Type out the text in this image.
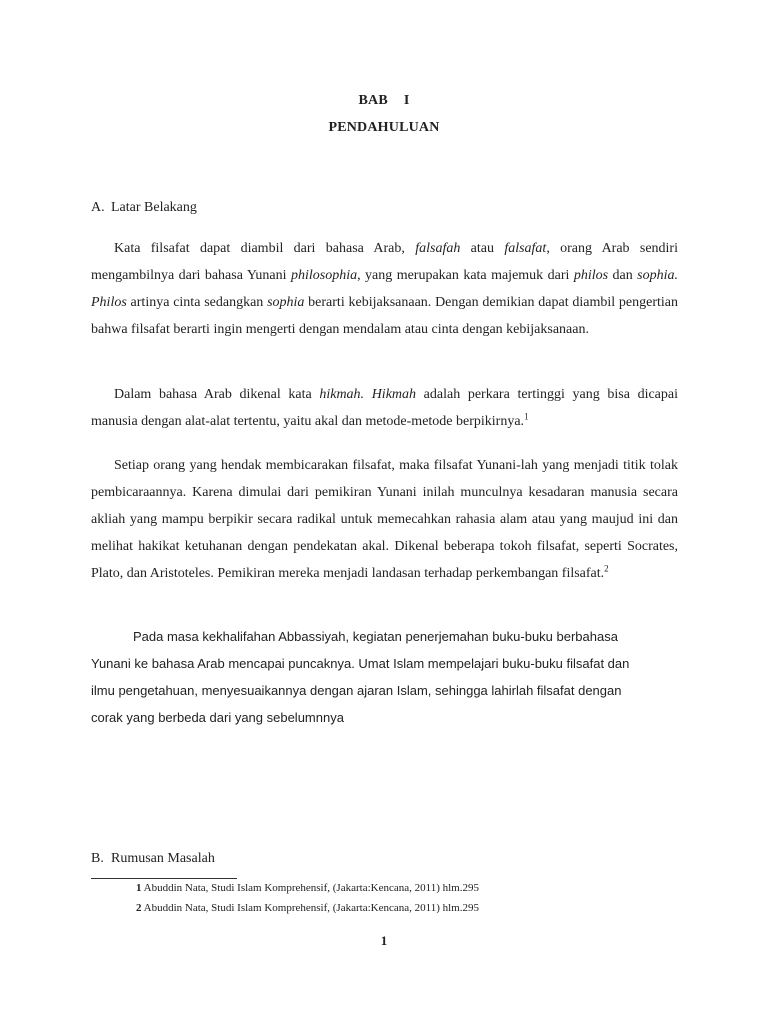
BAB I
PENDAHULUAN
A. Latar Belakang

Kata filsafat dapat diambil dari bahasa Arab, falsafah atau falsafat, orang Arab sendiri mengambilnya dari bahasa Yunani philosophia, yang merupakan kata majemuk dari philos dan sophia. Philos artinya cinta sedangkan sophia berarti kebijaksanaan. Dengan demikian dapat diambil pengertian bahwa filsafat berarti ingin mengerti dengan mendalam atau cinta dengan kebijaksanaan.

Dalam bahasa Arab dikenal kata hikmah. Hikmah adalah perkara tertinggi yang bisa dicapai manusia dengan alat-alat tertentu, yaitu akal dan metode-metode berpikirnya.$^1$

Setiap orang yang hendak membicarakan filsafat, maka filsafat Yunani-lah yang menjadi titik tolak pembicaraannya. Karena dimulai dari pemikiran Yunani inilah munculnya kesadaran manusia secara akliah yang mampu berpikir secara radikal untuk memecahkan rahasia alam atau yang maujud ini dan melihat hakikat ketuhanan dengan pendekatan akal. Dikenal beberapa tokoh filsafat, seperti Socrates, Plato, dan Aristoteles. Pemikiran mereka menjadi landasan terhadap perkembangan filsafat.$^2$

Pada masa kekhalifahan Abbassiyah, kegiatan penerjemahan buku-buku berbahasa
Yunani ke bahasa Arab mencapai puncaknya. Umat Islam mempelajari buku-buku filsafat dan
ilmu pengetahuan, menyesuaikannya dengan ajaran Islam, sehingga lahirlah filsafat dengan
corak yang berbeda dari yang sebelumnnya
B. Rumusan Masalah
1 Abuddin Nata, Studi Islam Komprehensif, (Jakarta:Kencana, 2011) hlm.295
2 Abuddin Nata, Studi Islam Komprehensif, (Jakarta:Kencana, 2011) hlm.295
1
